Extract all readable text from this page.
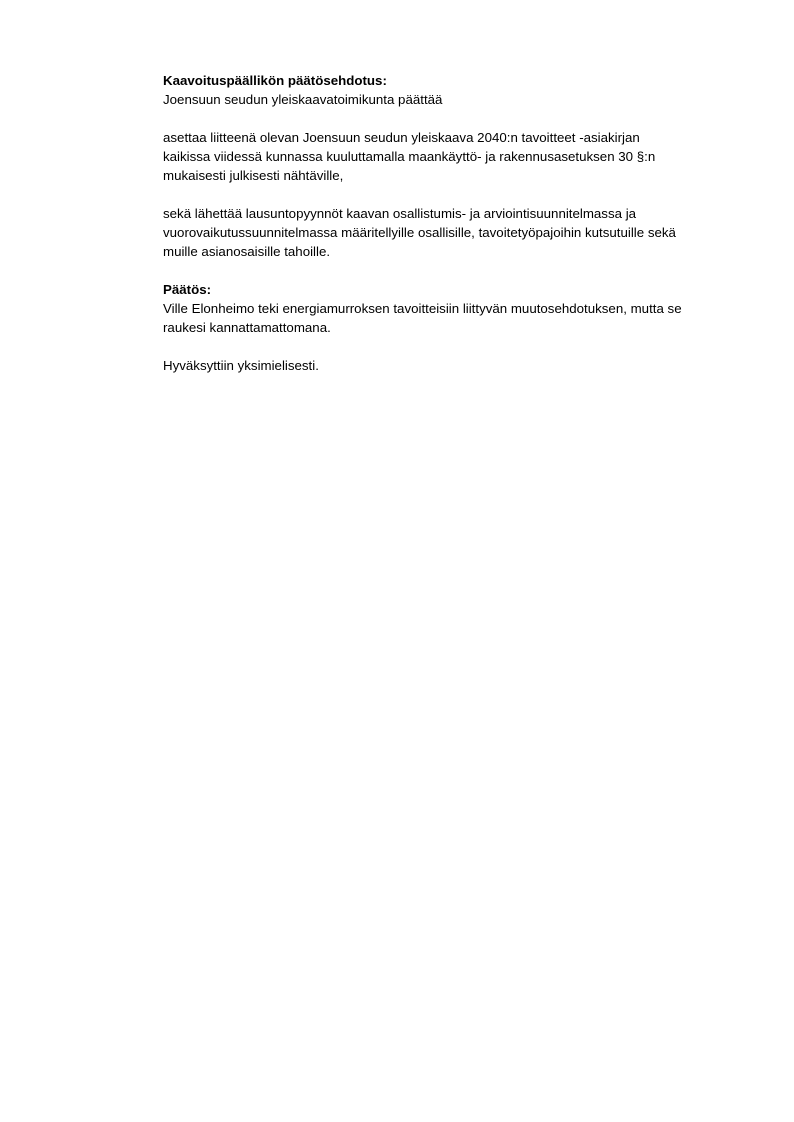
Kaavoituspäällikön päätösehdotus:

Joensuun seudun yleiskaavatoimikunta päättää

asettaa liitteenä olevan Joensuun seudun yleiskaava 2040:n tavoitteet -asiakirjan

kaikissa viidessä kunnassa kuuluttamalla maankäyttö- ja rakennusasetuksen 30 §:n

mukaisesti julkisesti nähtäville,

sekä lähettää lausuntopyynnöt kaavan osallistumis- ja arviointisuunnitelmassa ja

vuorovaikutussuunnitelmassa määritellyille osallisille, tavoitetyöpajoihin kutsutuille sekä

muille asianosaisille tahoille.

Päätös:

Ville Elonheimo teki energiamurroksen tavoitteisiin liittyvän muutosehdotuksen, mutta se

raukesi kannattamattomana.

Hyväksyttiin yksimielisesti.
